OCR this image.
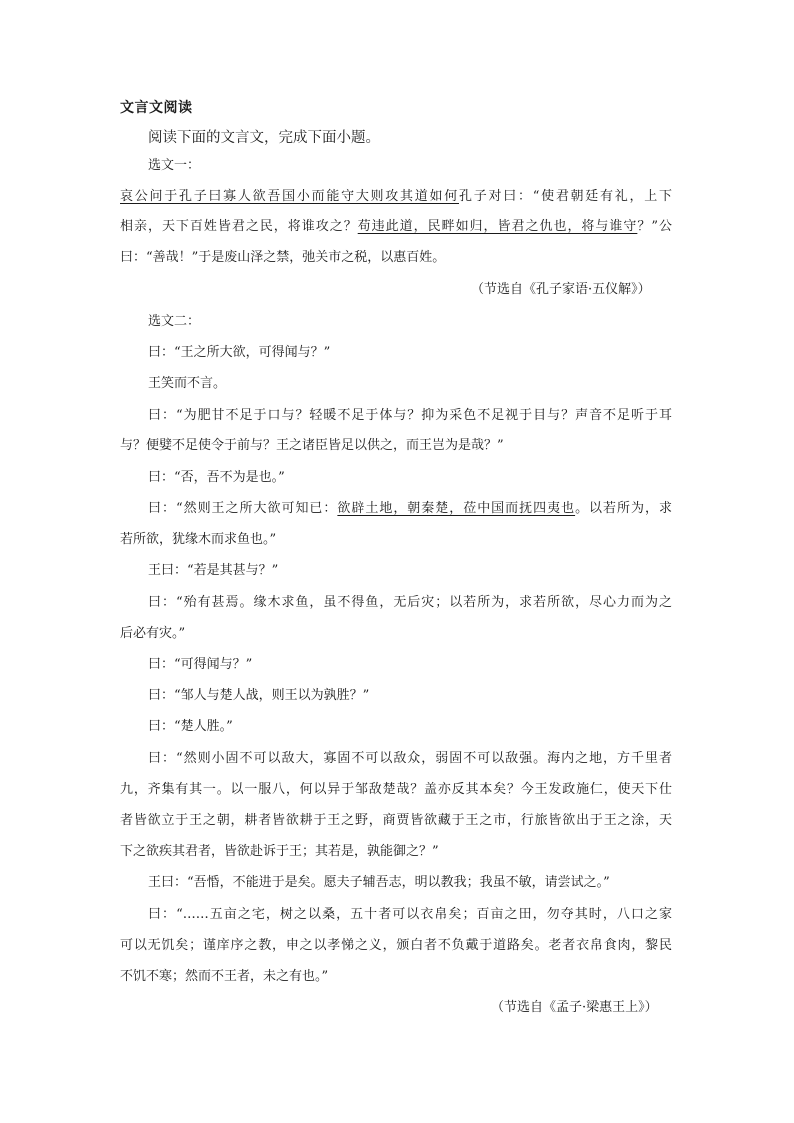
文言文阅读
阅读下面的文言文，完成下面小题。
选文一：
哀公问于孔子曰寡人欲吾国小而能守大则攻其道如何孔子对曰：“使君朝廷有礼，上下
相亲，天下百姓皆君之民，将谁攻之？苟违此道，民畔如归，皆君之仇也，将与谁守？”公
曰：“善哉！”于是废山泽之禁，弛关市之税，以惠百姓。
（节选自《孔子家语·五仪解》）
选文二：
曰：“王之所大欲，可得闻与？”
王笑而不言。
曰：“为肥甘不足于口与？轻暖不足于体与？抑为采色不足视于目与？声音不足听于耳
与？便嬖不足使令于前与？王之诸臣皆足以供之，而王岂为是哉？”
曰：“否，吾不为是也。”
曰：“然则王之所大欲可知已：欲辟土地，朝秦楚，莅中国而抚四夷也。以若所为，求
若所欲，犹缘木而求鱼也。”
王曰：“若是其甚与？”
曰：“殆有甚焉。缘木求鱼，虽不得鱼，无后灾；以若所为，求若所欲，尽心力而为之
后必有灾。”
曰：“可得闻与？”
曰：“邹人与楚人战，则王以为孰胜？”
曰：“楚人胜。”
曰：“然则小固不可以敌大，寡固不可以敌众，弱固不可以敌强。海内之地，方千里者
九，齐集有其一。以一服八，何以异于邹敌楚哉？盖亦反其本矣？今王发政施仁，使天下仕
者皆欲立于王之朝，耕者皆欲耕于王之野，商贾皆欲藏于王之市，行旅皆欲出于王之涂，天
下之欲疾其君者，皆欲赴诉于王；其若是，孰能御之？”
王曰：“吾惛，不能进于是矣。愿夫子辅吾志，明以教我；我虽不敏，请尝试之。”
曰：“……五亩之宅，树之以桑，五十者可以衣帛矣；百亩之田，勿夺其时，八口之家
可以无饥矣；谨庠序之教，申之以孝悌之义，颁白者不负戴于道路矣。老者衣帛食肉，黎民
不饥不寒；然而不王者，未之有也。”
（节选自《孟子·梁惠王上》）
